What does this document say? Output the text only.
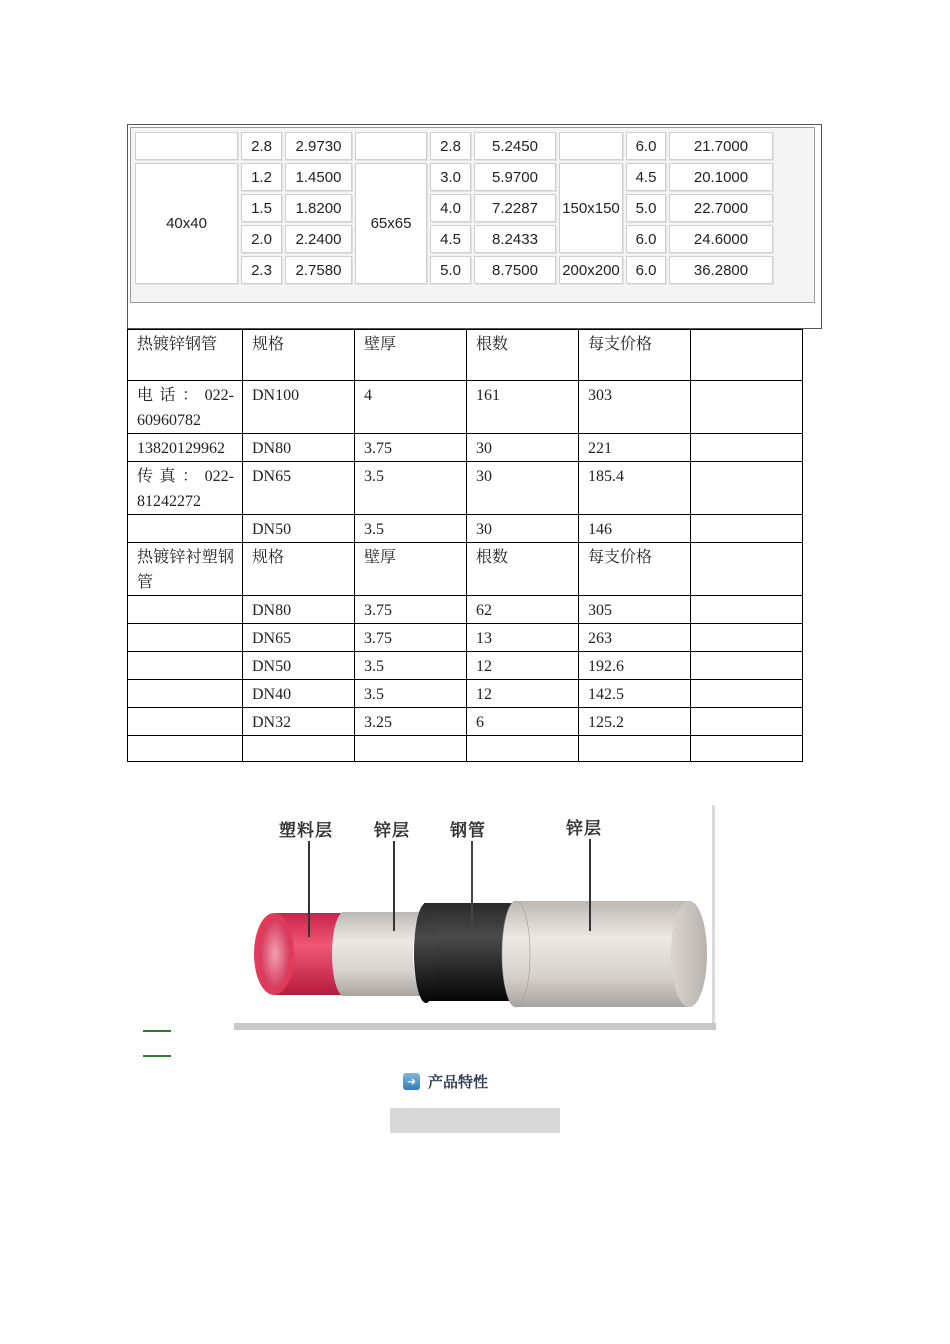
	2.8	2.9730		2.8	5.2450		6.0	21.7000
40x40	1.2	1.4500	65x65	3.0	5.9700	150x150	4.5	20.1000
	1.5	1.8200		4.0	7.2287		5.0	22.7000
	2.0	2.2400		4.5	8.2433		6.0	24.6000
	2.3	2.7580		5.0	8.7500	200x200	6.0	36.2800
热镀锌钢管	规格	壁厚	根数	每支价格	
电 话 ： 022-60960782	DN100	4	161	303	
13820129962	DN80	3.75	30	221	
传 真 ： 022-81242272	DN65	3.5	30	185.4	
	DN50	3.5	30	146	
热镀锌衬塑钢管	规格	壁厚	根数	每支价格	
	DN80	3.75	62	305	
	DN65	3.75	13	263	
	DN50	3.5	12	192.6	
	DN40	3.5	12	142.5	
	DN32	3.25	6	125.2	

塑料层 锌层 钢管	锌层
➜ 产品特性
